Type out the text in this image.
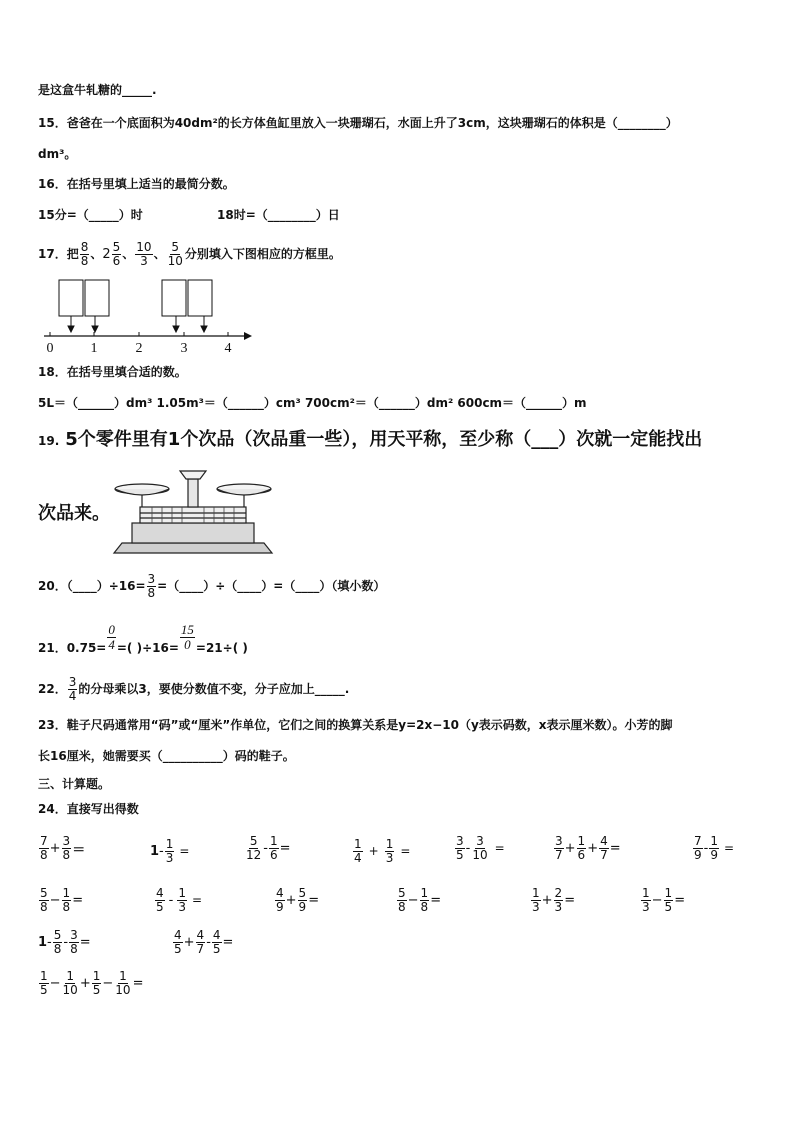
是这盒牛轧糖的_____.
15．爸爸在一个底面积为40dm²的长方体鱼缸里放入一块珊瑚石，水面上升了3cm，这块珊瑚石的体积是（________）
dm³。
16．在括号里填上适当的最简分数。
15分=（_____）时	18时=（________）日
17．把 $\frac{8}{8}$ 、 $2 \frac{5}{6}$ 、 $\frac{10}{3}$ 、 $\frac{5}{10}$ 分别填入下图相应的方框里。
0	1	2	3	4
18．在括号里填合适的数。
5L＝（______）dm³ 1.05m³＝（______）cm³ 700cm²＝（______）dm² 600cm＝（______）m
19. 5个零件里有1个次品（次品重一些），用天平称，至少称（___）次就一定能找出
次品来。
20．（____）÷16= $\frac{3}{8}$ =（____）÷（____）=（____）（填小数）
21．$0.75= \frac{0}{4}$ =( )$\div 16= \frac{15}{0} =21\div$( )
22． $\frac{3}{4}$ 的分母乘以3，要使分数值不变，分子应加上_____.
23．鞋子尺码通常用“码”或“厘米”作单位，它们之间的换算关系是y=2x−10（y表示码数，x表示厘米数）。小芳的脚
长16厘米，她需要买（__________）码的鞋子。
三、计算题。
24．直接写出得数
$\frac{7}{8} + \frac{3}{8}$ ＝	$1 - \frac{1}{3}$ =	$\frac{5}{12} - \frac{1}{6}$ =	$\frac{1}{4} + \frac{1}{3}$ =	$\frac{3}{5} - \frac{3}{10}$ =	$\frac{3}{7} + \frac{1}{6} + \frac{4}{7}$ =	$\frac{7}{9} - \frac{1}{9}$ =
$\frac{5}{8} - \frac{1}{8}$ =	$\frac{4}{5} - \frac{1}{3}$ =	$\frac{4}{9} + \frac{5}{9}$ =	$\frac{5}{8} - \frac{1}{8}$ =	$\frac{1}{3} + \frac{2}{3}$ =	$\frac{1}{3} - \frac{1}{5}$ =
$1 - \frac{5}{8} - \frac{3}{8}$ =	$\frac{4}{5} + \frac{4}{7} - \frac{4}{5}$ =
$\frac{1}{5} - \frac{1}{10} + \frac{1}{5} - \frac{1}{10}$ =
